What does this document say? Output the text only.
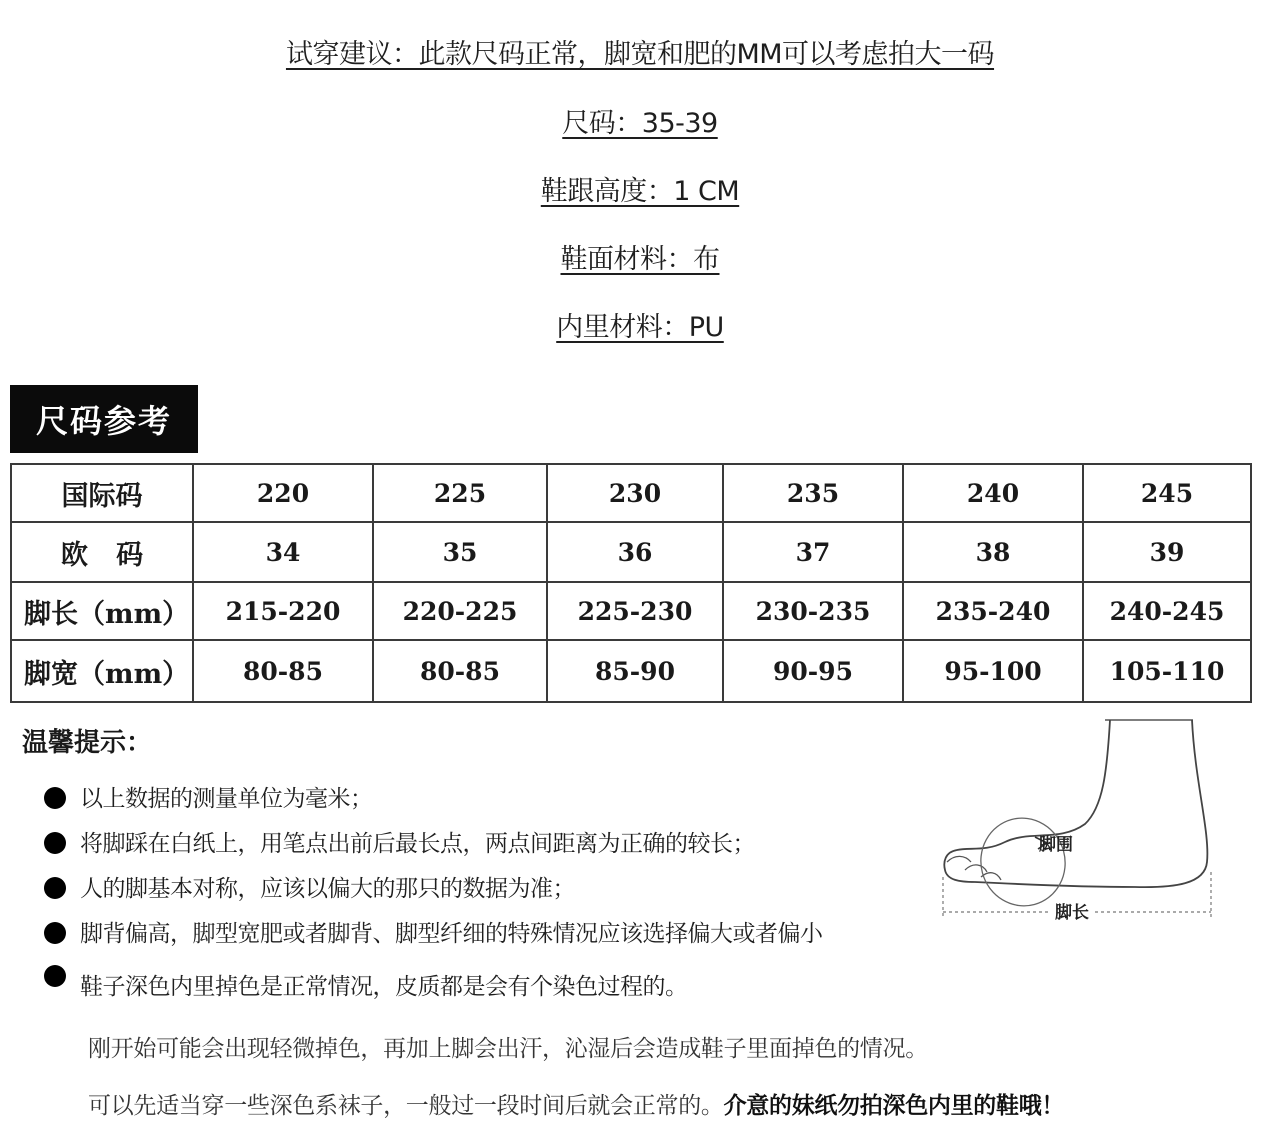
试穿建议：此款尺码正常，脚宽和肥的MM可以考虑拍大一码
尺码：35-39
鞋跟高度：1 CM
鞋面材料：布
内里材料：PU
尺码参考
国际码	220	225	230	235	240	245
欧   码	34	35	36	37	38	39
脚长（mm）	215-220	220-225	225-230	230-235	235-240	240-245
脚宽（mm）	80-85	80-85	85-90	90-95	95-100	105-110
温馨提示：
以上数据的测量单位为毫米；
将脚踩在白纸上，用笔点出前后最长点，两点间距离为正确的较长；
人的脚基本对称，应该以偏大的那只的数据为准；
脚背偏高，脚型宽肥或者脚背、脚型纤细的特殊情况应该选择偏大或者偏小
鞋子深色内里掉色是正常情况，皮质都是会有个染色过程的。
刚开始可能会出现轻微掉色，再加上脚会出汗，沁湿后会造成鞋子里面掉色的情况。
可以先适当穿一些深色系袜子，一般过一段时间后就会正常的。介意的妹纸勿拍深色内里的鞋哦！
脚围
脚长
